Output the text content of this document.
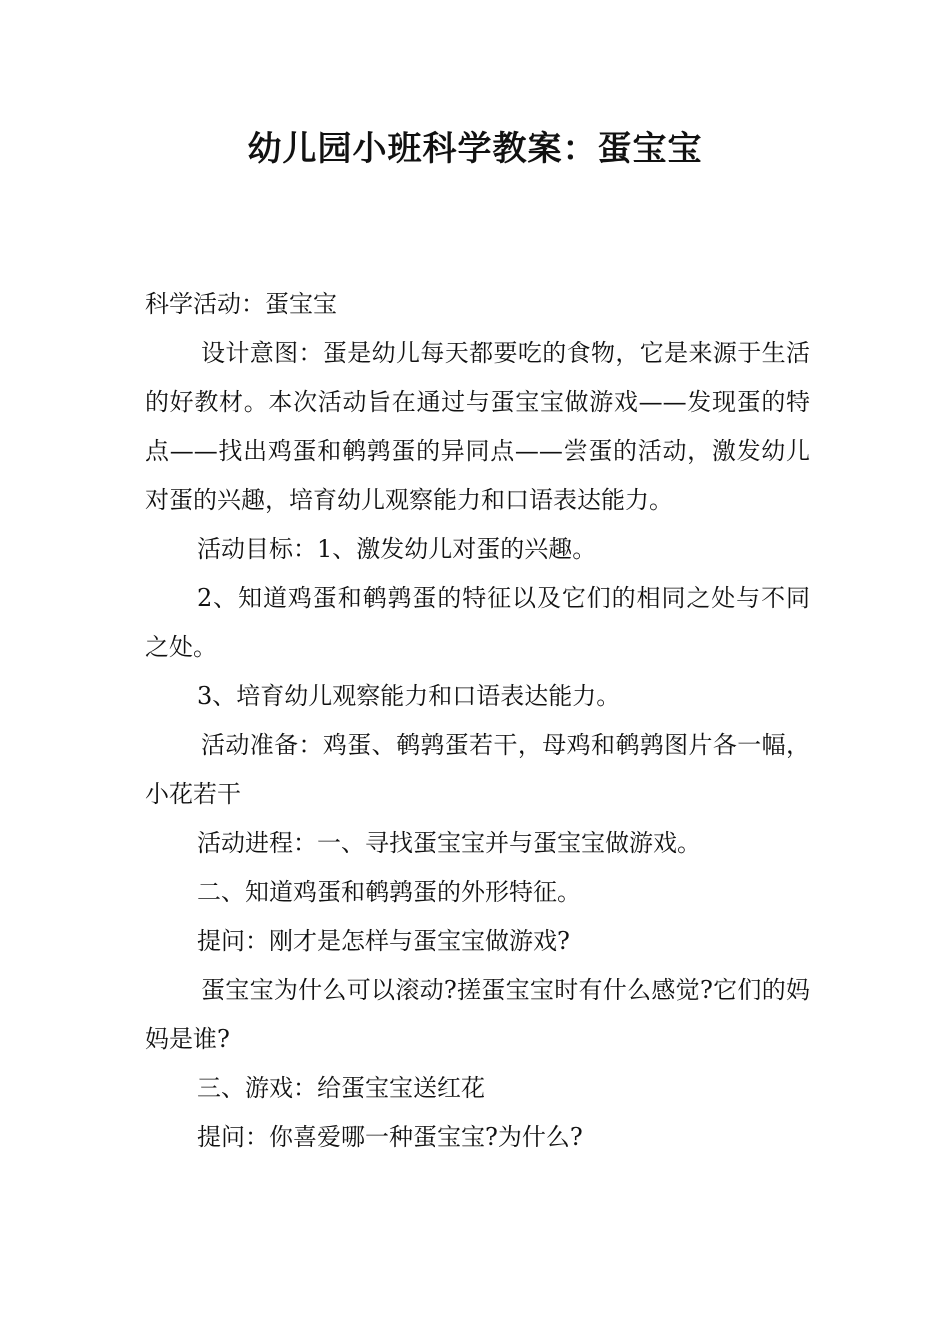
幼儿园小班科学教案：蛋宝宝

科学活动：蛋宝宝

设计意图：蛋是幼儿每天都要吃的食物，它是来源于生活的好教材。本次活动旨在通过与蛋宝宝做游戏——发现蛋的特点——找出鸡蛋和鹌鹑蛋的异同点——尝蛋的活动，激发幼儿对蛋的兴趣，培育幼儿观察能力和口语表达能力。

活动目标：1、激发幼儿对蛋的兴趣。

2、知道鸡蛋和鹌鹑蛋的特征以及它们的相同之处与不同之处。

3、培育幼儿观察能力和口语表达能力。

活动准备：鸡蛋、鹌鹑蛋若干，母鸡和鹌鹑图片各一幅，小花若干

活动进程：一、寻找蛋宝宝并与蛋宝宝做游戏。

二、知道鸡蛋和鹌鹑蛋的外形特征。

提问：刚才是怎样与蛋宝宝做游戏?

蛋宝宝为什么可以滚动?搓蛋宝宝时有什么感觉?它们的妈妈是谁?

三、游戏：给蛋宝宝送红花

提问：你喜爱哪一种蛋宝宝?为什么?
